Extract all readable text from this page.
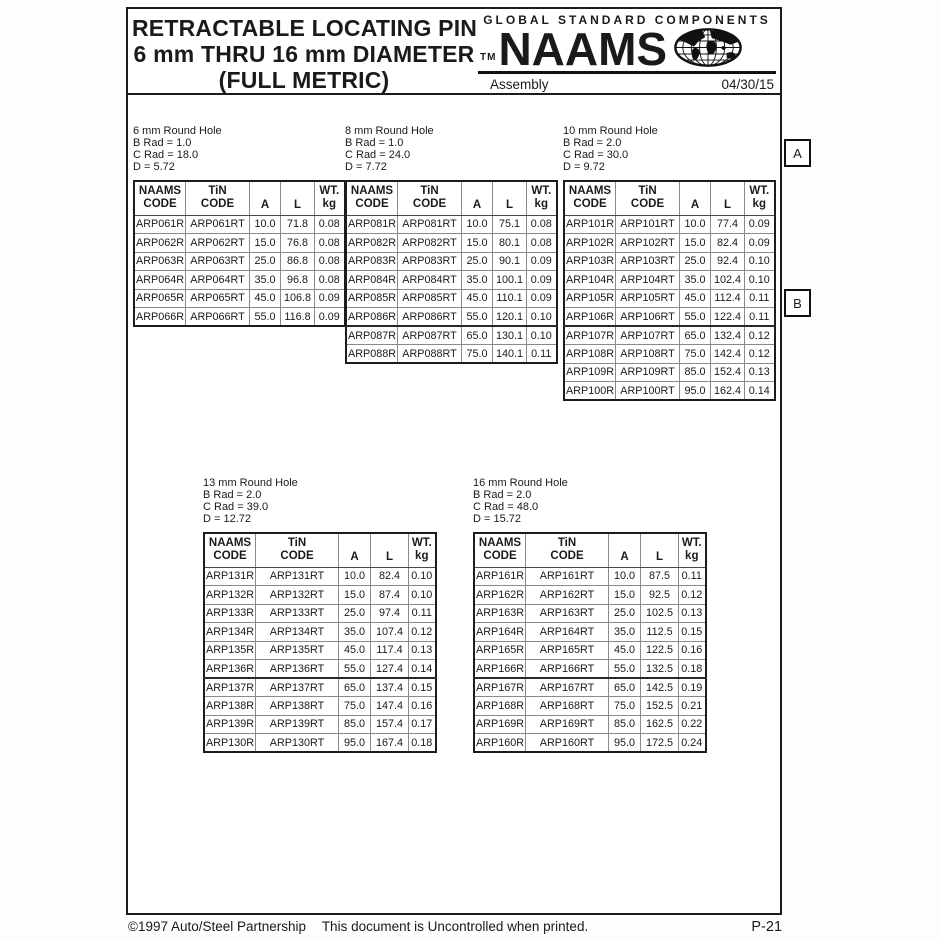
RETRACTABLE LOCATING PIN
6 mm THRU 16 mm DIAMETER
(FULL METRIC)
GLOBAL STANDARD COMPONENTS
TM NAAMS
Assembly	04/30/15
6 mm Round Hole
B Rad = 1.0
C Rad = 18.0
D = 5.72
NAAMS
CODE	TiN
CODE	A	L	WT.
kg
ARP061R	ARP061RT	10.0	71.8	0.08
ARP062R	ARP062RT	15.0	76.8	0.08
ARP063R	ARP063RT	25.0	86.8	0.08
ARP064R	ARP064RT	35.0	96.8	0.08
ARP065R	ARP065RT	45.0	106.8	0.09
ARP066R	ARP066RT	55.0	116.8	0.09
8 mm Round Hole
B Rad = 1.0
C Rad = 24.0
D = 7.72
NAAMS
CODE	TiN
CODE	A	L	WT.
kg
ARP081R	ARP081RT	10.0	75.1	0.08
ARP082R	ARP082RT	15.0	80.1	0.08
ARP083R	ARP083RT	25.0	90.1	0.09
ARP084R	ARP084RT	35.0	100.1	0.09
ARP085R	ARP085RT	45.0	110.1	0.09
ARP086R	ARP086RT	55.0	120.1	0.10
ARP087R	ARP087RT	65.0	130.1	0.10
ARP088R	ARP088RT	75.0	140.1	0.11
10 mm Round Hole
B Rad = 2.0
C Rad = 30.0
D = 9.72
NAAMS
CODE	TiN
CODE	A	L	WT.
kg
ARP101R	ARP101RT	10.0	77.4	0.09
ARP102R	ARP102RT	15.0	82.4	0.09
ARP103R	ARP103RT	25.0	92.4	0.10
ARP104R	ARP104RT	35.0	102.4	0.10
ARP105R	ARP105RT	45.0	112.4	0.11
ARP106R	ARP106RT	55.0	122.4	0.11
ARP107R	ARP107RT	65.0	132.4	0.12
ARP108R	ARP108RT	75.0	142.4	0.12
ARP109R	ARP109RT	85.0	152.4	0.13
ARP100R	ARP100RT	95.0	162.4	0.14
13 mm Round Hole
B Rad = 2.0
C Rad = 39.0
D = 12.72
NAAMS
CODE	TiN
CODE	A	L	WT.
kg
ARP131R	ARP131RT	10.0	82.4	0.10
ARP132R	ARP132RT	15.0	87.4	0.10
ARP133R	ARP133RT	25.0	97.4	0.11
ARP134R	ARP134RT	35.0	107.4	0.12
ARP135R	ARP135RT	45.0	117.4	0.13
ARP136R	ARP136RT	55.0	127.4	0.14
ARP137R	ARP137RT	65.0	137.4	0.15
ARP138R	ARP138RT	75.0	147.4	0.16
ARP139R	ARP139RT	85.0	157.4	0.17
ARP130R	ARP130RT	95.0	167.4	0.18
16 mm Round Hole
B Rad = 2.0
C Rad = 48.0
D = 15.72
NAAMS
CODE	TiN
CODE	A	L	WT.
kg
ARP161R	ARP161RT	10.0	87.5	0.11
ARP162R	ARP162RT	15.0	92.5	0.12
ARP163R	ARP163RT	25.0	102.5	0.13
ARP164R	ARP164RT	35.0	112.5	0.15
ARP165R	ARP165RT	45.0	122.5	0.16
ARP166R	ARP166RT	55.0	132.5	0.18
ARP167R	ARP167RT	65.0	142.5	0.19
ARP168R	ARP168RT	75.0	152.5	0.21
ARP169R	ARP169RT	85.0	162.5	0.22
ARP160R	ARP160RT	95.0	172.5	0.24
A
B
©1997 Auto/Steel Partnership	This document is Uncontrolled when printed.	P-21
